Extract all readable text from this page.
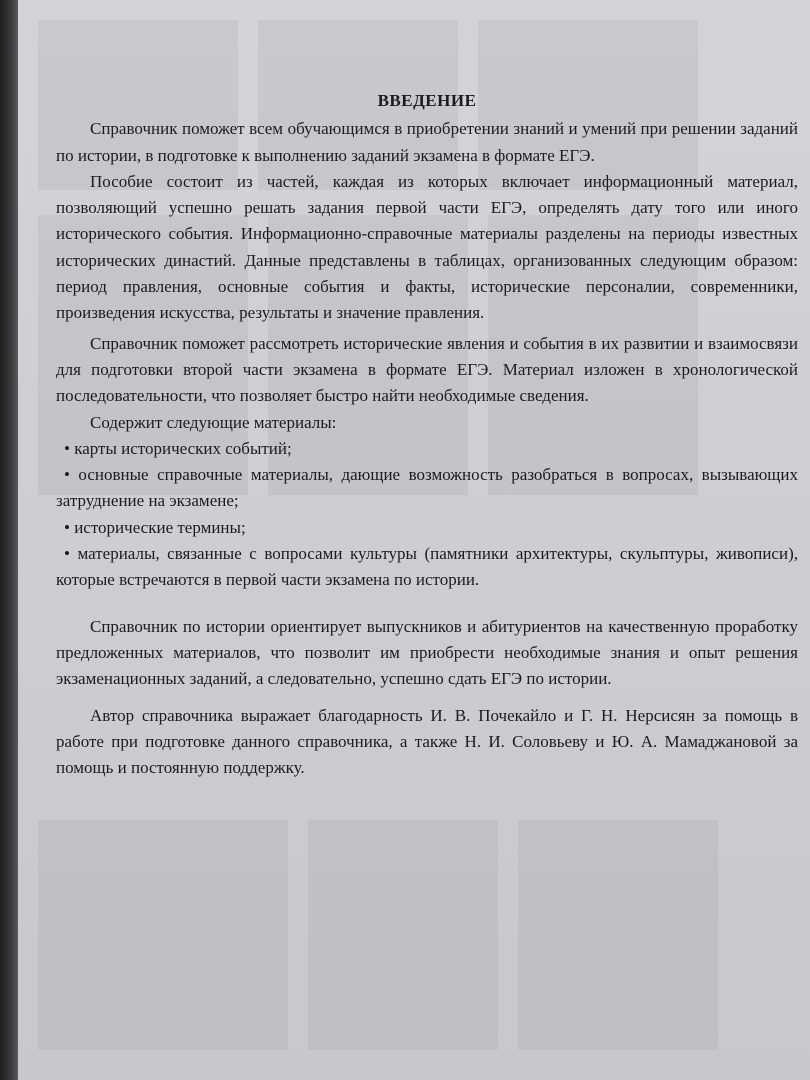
ВВЕДЕНИЕ

Справочник поможет всем обучающимся в приобретении знаний и умений при решении заданий по истории, в подготовке к выполнению заданий экзамена в формате ЕГЭ.

Пособие состоит из частей, каждая из которых включает информационный материал, позволяющий успешно решать задания первой части ЕГЭ, определять дату того или иного исторического события. Информационно-справочные материалы разделены на периоды известных исторических династий. Данные представлены в таблицах, организованных следующим образом: период правления, основные события и факты, исторические персоналии, современники, произведения искусства, результаты и значение правления.

Справочник поможет рассмотреть исторические явления и события в их развитии и взаимосвязи для подготовки второй части экзамена в формате ЕГЭ. Материал изложен в хронологической последовательности, что позволяет быстро найти необходимые сведения.

Содержит следующие материалы:

• карты исторических событий;

• основные справочные материалы, дающие возможность разобраться в вопросах, вызывающих затруднение на экзамене;

• исторические термины;

• материалы, связанные с вопросами культуры (памятники архитектуры, скульптуры, живописи), которые встречаются в первой части экзамена по истории.

Справочник по истории ориентирует выпускников и абитуриентов на качественную проработку предложенных материалов, что позволит им приобрести необходимые знания и опыт решения экзаменационных заданий, а следовательно, успешно сдать ЕГЭ по истории.

Автор справочника выражает благодарность И. В. Почекайло и Г. Н. Нерсисян за помощь в работе при подготовке данного справочника, а также Н. И. Соловьеву и Ю. А. Мамаджановой за помощь и постоянную поддержку.
